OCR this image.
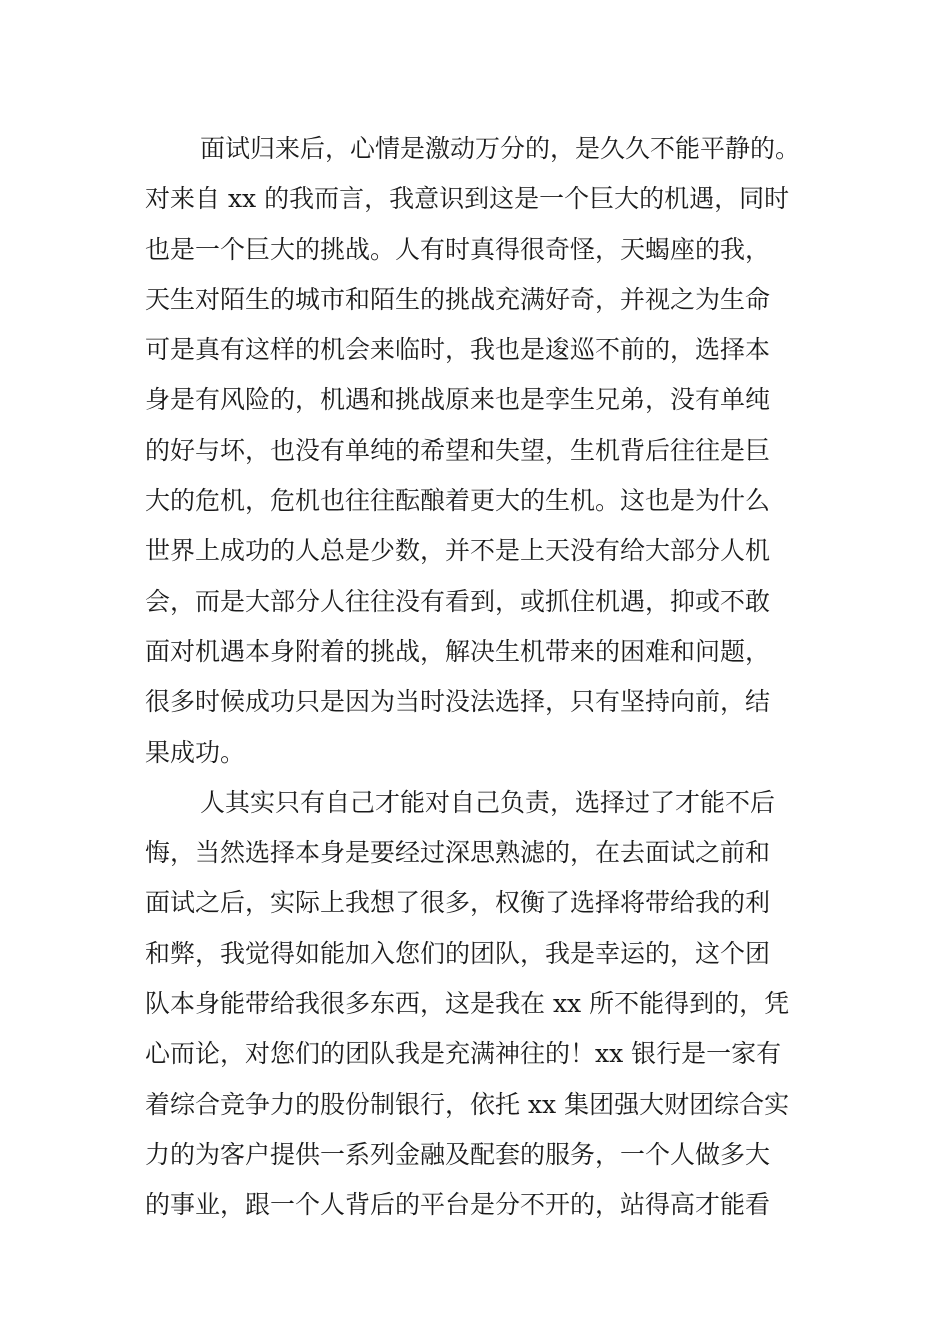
面试归来后，心情是激动万分的，是久久不能平静的。
对来自 xx 的我而言，我意识到这是一个巨大的机遇，同时
也是一个巨大的挑战。人有时真得很奇怪，天蝎座的我，
天生对陌生的城市和陌生的挑战充满好奇，并视之为生命
可是真有这样的机会来临时，我也是逡巡不前的，选择本
身是有风险的，机遇和挑战原来也是孪生兄弟，没有单纯
的好与坏，也没有单纯的希望和失望，生机背后往往是巨
大的危机，危机也往往酝酿着更大的生机。这也是为什么
世界上成功的人总是少数，并不是上天没有给大部分人机
会，而是大部分人往往没有看到，或抓住机遇，抑或不敢
面对机遇本身附着的挑战，解决生机带来的困难和问题，
很多时候成功只是因为当时没法选择，只有坚持向前，结
果成功。
人其实只有自己才能对自己负责，选择过了才能不后
悔，当然选择本身是要经过深思熟滤的，在去面试之前和
面试之后，实际上我想了很多，权衡了选择将带给我的利
和弊，我觉得如能加入您们的团队，我是幸运的，这个团
队本身能带给我很多东西，这是我在 xx 所不能得到的，凭
心而论，对您们的团队我是充满神往的！xx 银行是一家有
着综合竞争力的股份制银行，依托 xx 集团强大财团综合实
力的为客户提供一系列金融及配套的服务，一个人做多大
的事业，跟一个人背后的平台是分不开的，站得高才能看
